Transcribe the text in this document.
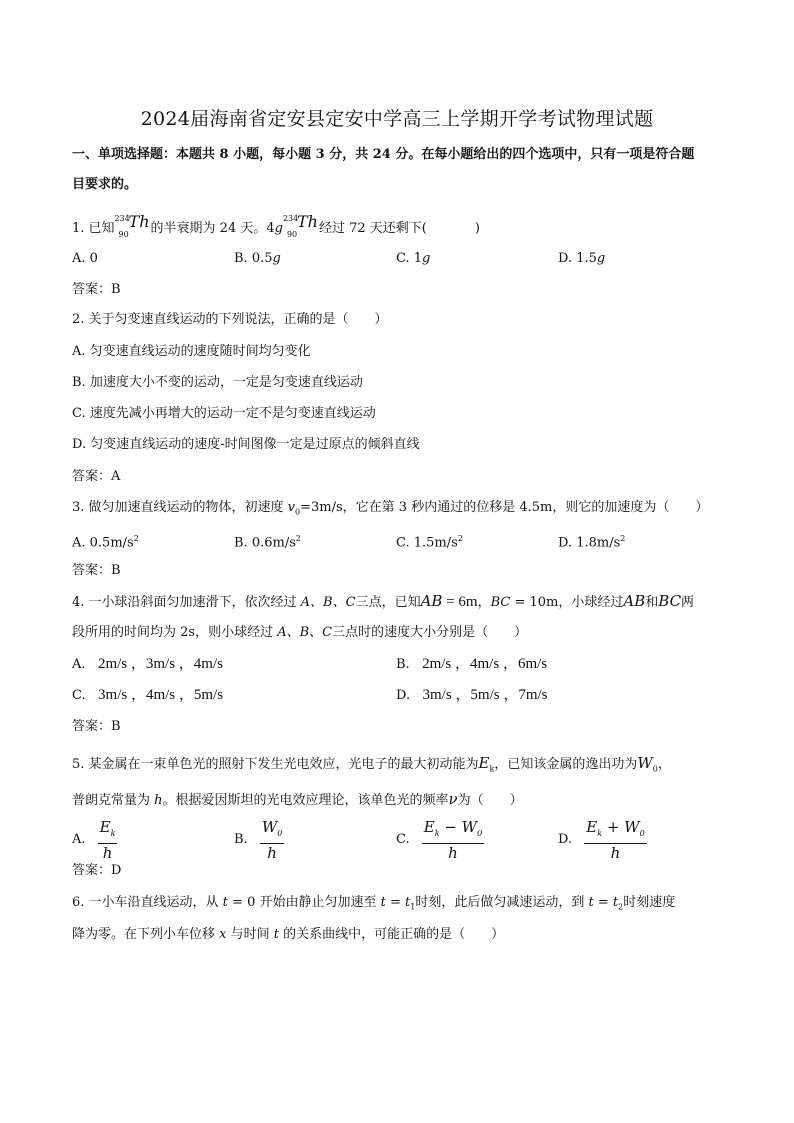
2024届海南省定安县定安中学高三上学期开学考试物理试题
一、单项选择题：本题共 8 小题，每小题 3 分，共 24 分。在每小题给出的四个选项中，只有一项是符合题
目要求的。
1. 已知
234
90
Th 的半衰期为 24 天。4g
234
90
Th 经过 72 天还剩下(	)
A. 0	B. 0.5g	C. 1g	D. 1.5g
答案：B
2. 关于匀变速直线运动的下列说法，正确的是（　　）
A. 匀变速直线运动的速度随时间均匀变化
B. 加速度大小不变的运动，一定是匀变速直线运动
C. 速度先减小再增大的运动一定不是匀变速直线运动
D. 匀变速直线运动的速度-时间图像一定是过原点的倾斜直线
答案：A
3. 做匀加速直线运动的物体，初速度 $v_0=3m/s$，它在第 3 秒内通过的位移是 4.5m，则它的加速度为（　　）
A. $0.5m/s^2$	B. $0.6m/s^2$	C. $1.5m/s^2$	D. $1.8m/s^2$
答案：B
4. 一小球沿斜面匀加速滑下，依次经过 A、B、C三点，已知AB = 6m，BC = 10m，小球经过AB和BC两
段所用的时间均为 2s，则小球经过 A、B、C三点时的速度大小分别是（　　）
A. 2m/s ，3m/s ，4m/s	B. 2m/s ，4m/s ，6m/s
C. 3m/s ，4m/s ，5m/s	D. 3m/s ，5m/s ，7m/s
答案：B
5. 某金属在一束单色光的照射下发生光电效应，光电子的最大初动能为$E_k$，已知该金属的逸出功为$W_0$，
普朗克常量为 h。根据爱因斯坦的光电效应理论，该单色光的频率ν为（　　）
A. $\frac{E_k}{h}$	B. $\frac{W_0}{h}$	C. $\frac{E_k - W_0}{h}$	D. $\frac{E_k + W_0}{h}$
答案：D
6. 一小车沿直线运动，从 t = 0 开始由静止匀加速至 $t = t_1$时刻，此后做匀减速运动，到 $t = t_2$时刻速度
降为零。在下列小车位移 x 与时间 t 的关系曲线中，可能正确的是（　　）
